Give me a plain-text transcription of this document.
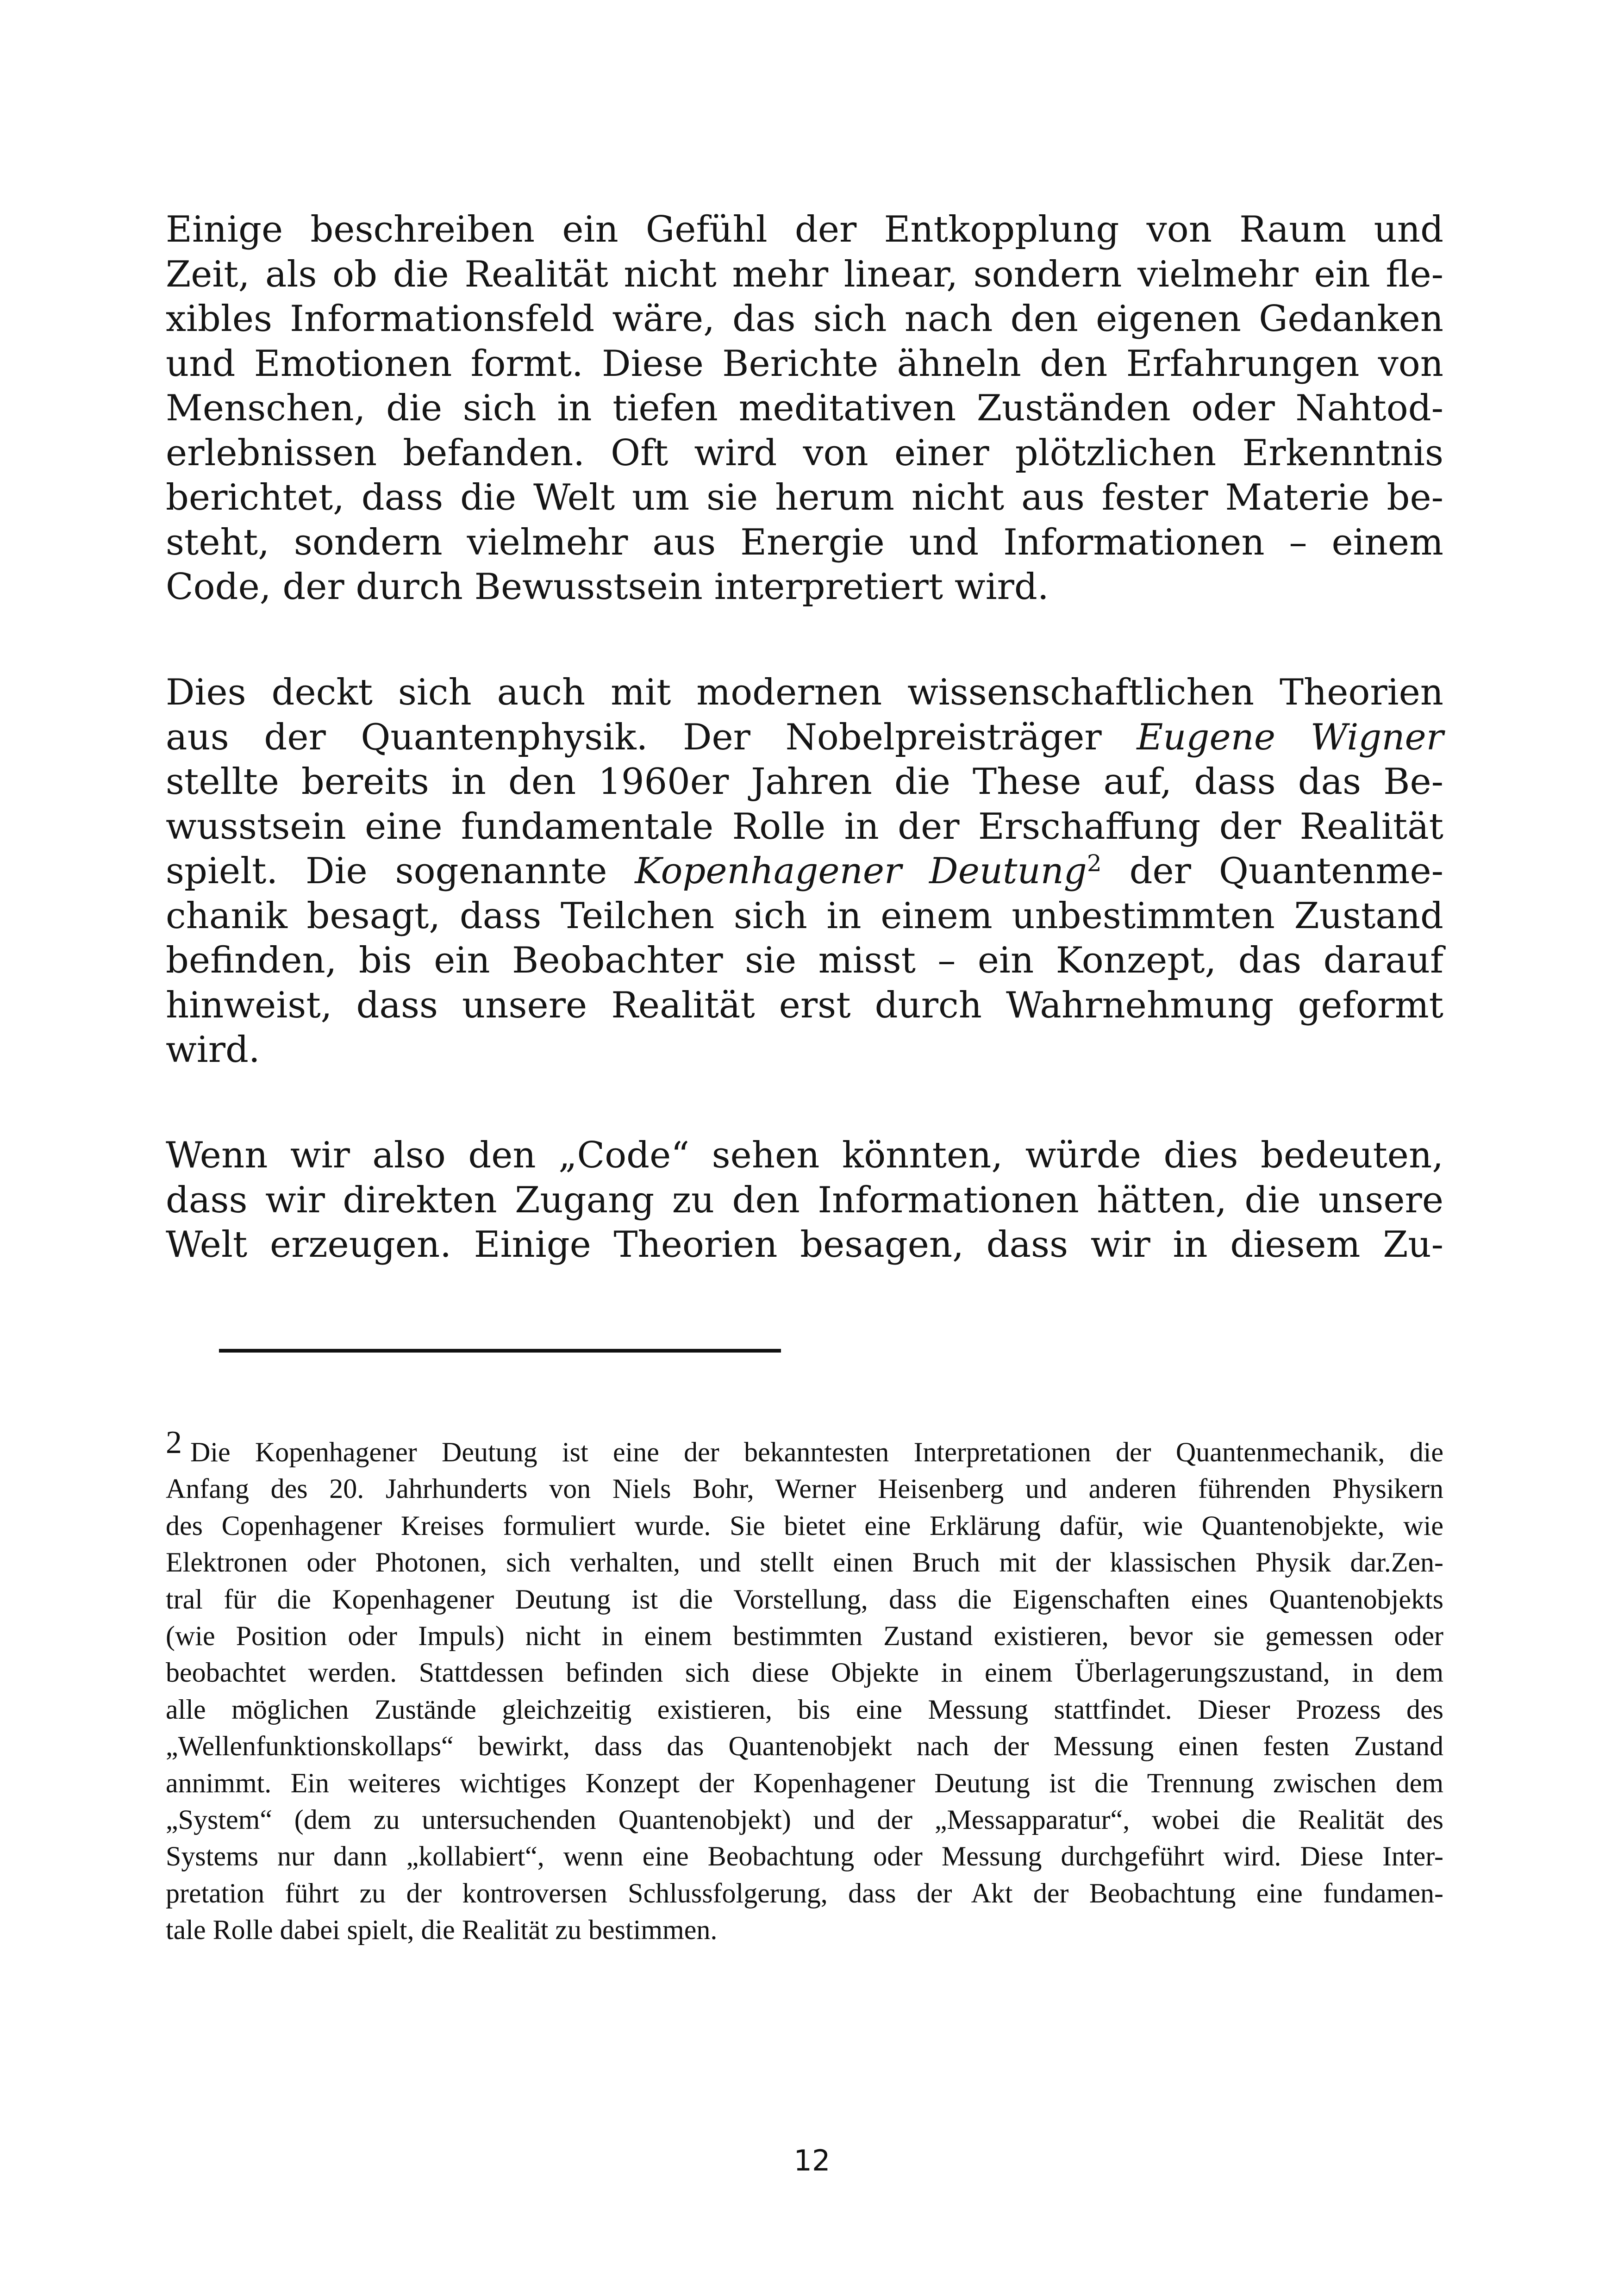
Einige beschreiben ein Gefühl der Entkopplung von Raum und
Zeit, als ob die Realität nicht mehr linear, sondern vielmehr ein fle-
xibles Informationsfeld wäre, das sich nach den eigenen Gedanken
und Emotionen formt. Diese Berichte ähneln den Erfahrungen von
Menschen, die sich in tiefen meditativen Zuständen oder Nahtod-
erlebnissen befanden. Oft wird von einer plötzlichen Erkenntnis
berichtet, dass die Welt um sie herum nicht aus fester Materie be-
steht, sondern vielmehr aus Energie und Informationen – einem
Code, der durch Bewusstsein interpretiert wird.
Dies deckt sich auch mit modernen wissenschaftlichen Theorien
aus der Quantenphysik. Der Nobelpreisträger Eugene Wigner
stellte bereits in den 1960er Jahren die These auf, dass das Be-
wusstsein eine fundamentale Rolle in der Erschaffung der Realität
spielt. Die sogenannte Kopenhagener Deutung$^2$ der Quantenme-
chanik besagt, dass Teilchen sich in einem unbestimmten Zustand
befinden, bis ein Beobachter sie misst – ein Konzept, das darauf
hinweist, dass unsere Realität erst durch Wahrnehmung geformt
wird.
Wenn wir also den „Code“ sehen könnten, würde dies bedeuten,
dass wir direkten Zugang zu den Informationen hätten, die unsere
Welt erzeugen. Einige Theorien besagen, dass wir in diesem Zu-
2 Die Kopenhagener Deutung ist eine der bekanntesten Interpretationen der Quantenmechanik, die
Anfang des 20. Jahrhunderts von Niels Bohr, Werner Heisenberg und anderen führenden Physikern
des Copenhagener Kreises formuliert wurde. Sie bietet eine Erklärung dafür, wie Quantenobjekte, wie
Elektronen oder Photonen, sich verhalten, und stellt einen Bruch mit der klassischen Physik dar.Zen-
tral für die Kopenhagener Deutung ist die Vorstellung, dass die Eigenschaften eines Quantenobjekts
(wie Position oder Impuls) nicht in einem bestimmten Zustand existieren, bevor sie gemessen oder
beobachtet werden. Stattdessen befinden sich diese Objekte in einem Überlagerungszustand, in dem
alle möglichen Zustände gleichzeitig existieren, bis eine Messung stattfindet. Dieser Prozess des
„Wellenfunktionskollaps“ bewirkt, dass das Quantenobjekt nach der Messung einen festen Zustand
annimmt. Ein weiteres wichtiges Konzept der Kopenhagener Deutung ist die Trennung zwischen dem
„System“ (dem zu untersuchenden Quantenobjekt) und der „Messapparatur“, wobei die Realität des
Systems nur dann „kollabiert“, wenn eine Beobachtung oder Messung durchgeführt wird. Diese Inter-
pretation führt zu der kontroversen Schlussfolgerung, dass der Akt der Beobachtung eine fundamen-
tale Rolle dabei spielt, die Realität zu bestimmen.
12
